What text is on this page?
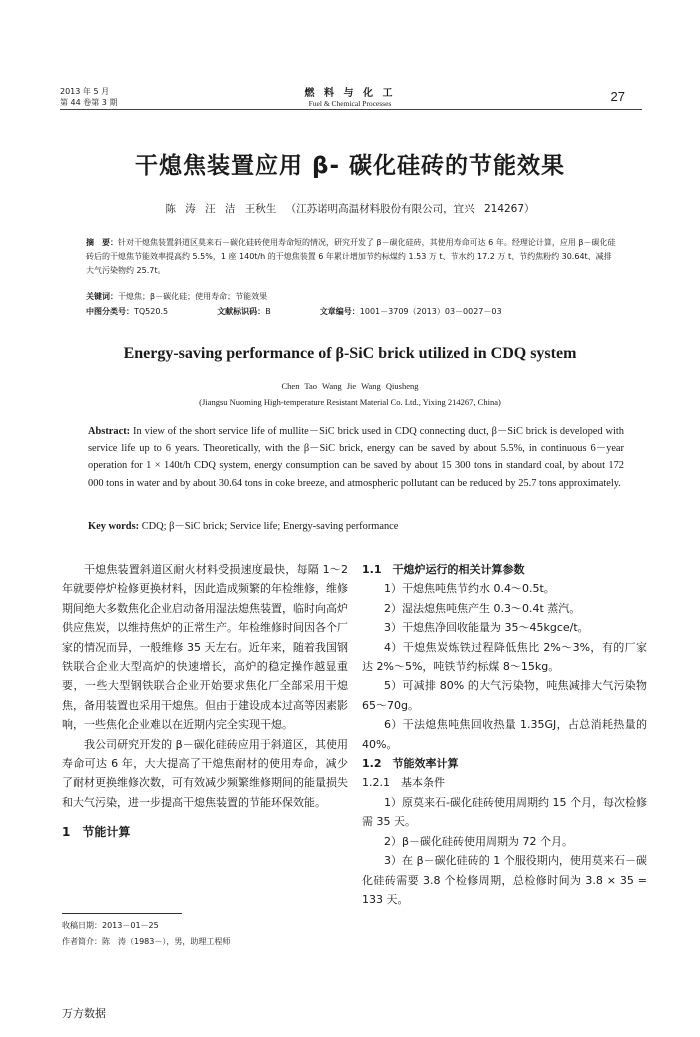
2013 年 5 月
第 44 卷第 3 期
燃 料 与 化 工
Fuel & Chemical Processes	27
干熄焦装置应用 β- 碳化硅砖的节能效果
陈 涛 汪 洁 王秋生 （江苏诺明高温材料股份有限公司，宜兴 214267）
摘　要：针对干熄焦装置斜道区莫来石－碳化硅砖使用寿命短的情况，研究开发了 β－碳化硅砖，其使用寿命可达 6 年。经理论计算，应用 β－碳化硅砖后的干熄焦节能效率提高约 5.5%，1 座 140t/h 的干熄焦装置 6 年累计增加节约标煤约 1.53 万 t、节水约 17.2 万 t、节约焦粉约 30.64t、减排大气污染物约 25.7t。
关键词：干熄焦；β－碳化硅；使用寿命；节能效果
中图分类号：TQ520.5	文献标识码：B	文章编号：1001－3709（2013）03－0027－03
Energy-saving performance of β-SiC brick utilized in CDQ system
Chen Tao Wang Jie Wang Qiusheng
(Jiangsu Nuoming High-temperature Resistant Material Co. Ltd., Yixing 214267, China)
Abstract: In view of the short service life of mullite－SiC brick used in CDQ connecting duct, β－SiC brick is developed with service life up to 6 years. Theoretically, with the β－SiC brick, energy can be saved by about 5.5%, in continuous 6－year operation for 1 × 140t/h CDQ system, energy consumption can be saved by about 15 300 tons in standard coal, by about 172 000 tons in water and by about 30.64 tons in coke breeze, and atmospheric pollutant can be reduced by 25.7 tons approximately.
Key words: CDQ; β－SiC brick; Service life; Energy-saving performance

干熄焦装置斜道区耐火材料受损速度最快，每隔 1～2 年就要停炉检修更换材料，因此造成频繁的年检维修，维修期间绝大多数焦化企业启动备用湿法熄焦装置，临时向高炉供应焦炭，以维持焦炉的正常生产。年检维修时间因各个厂家的情况而异，一般维修 35 天左右。近年来，随着我国钢铁联合企业大型高炉的快速增长，高炉的稳定操作越显重要，一些大型钢铁联合企业开始要求焦化厂全部采用干熄焦，备用装置也采用干熄焦。但由于建设成本过高等因素影响，一些焦化企业难以在近期内完全实现干熄。

我公司研究开发的 β－碳化硅砖应用于斜道区，其使用寿命可达 6 年，大大提高了干熄焦耐材的使用寿命，减少了耐材更换维修次数，可有效减少频繁维修期间的能量损失和大气污染，进一步提高干熄焦装置的节能环保效能。

1　节能计算
1.1　干熄炉运行的相关计算参数

1）干熄焦吨焦节约水 0.4～0.5t。

2）湿法熄焦吨焦产生 0.3～0.4t 蒸汽。

3）干熄焦净回收能量为 35～45kgce/t。

4）干熄焦炭炼铁过程降低焦比 2%～3%，有的厂家达 2%～5%，吨铁节约标煤 8～15kg。

5）可减排 80% 的大气污染物，吨焦减排大气污染物 65～70g。

6）干法熄焦吨焦回收热量 1.35GJ，占总消耗热量的 40%。

1.2　节能效率计算
1.2.1　基本条件

1）原莫来石-碳化硅砖使用周期约 15 个月，每次检修需 35 天。

2）β－碳化硅砖使用周期为 72 个月。

3）在 β－碳化硅砖的 1 个服役期内，使用莫来石－碳化硅砖需要 3.8 个检修周期，总检修时间为 3.8 × 35 = 133 天。

收稿日期：2013－01－25
作者简介：陈　涛（1983－），男，助理工程师
万方数据
